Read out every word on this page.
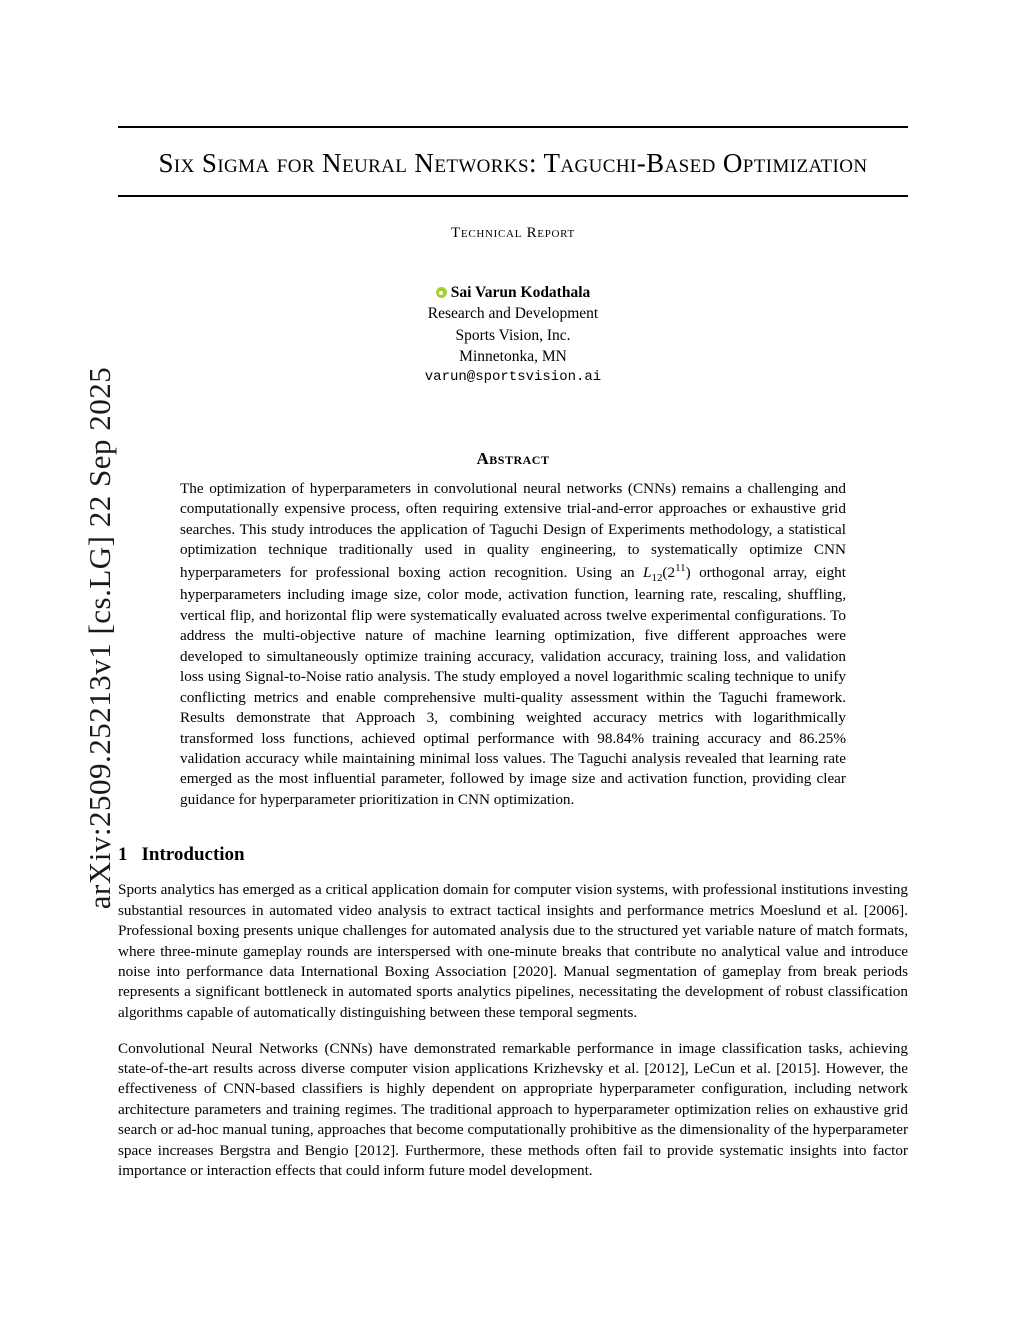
arXiv:2509.25213v1 [cs.LG] 22 Sep 2025
Six Sigma for Neural Networks: Taguchi-Based Optimization
Technical Report
Sai Varun Kodathala
Research and Development
Sports Vision, Inc.
Minnetonka, MN
varun@sportsvision.ai
Abstract
The optimization of hyperparameters in convolutional neural networks (CNNs) remains a challenging and computationally expensive process, often requiring extensive trial-and-error approaches or exhaustive grid searches. This study introduces the application of Taguchi Design of Experiments methodology, a statistical optimization technique traditionally used in quality engineering, to systematically optimize CNN hyperparameters for professional boxing action recognition. Using an $L_{12}(2^{11})$ orthogonal array, eight hyperparameters including image size, color mode, activation function, learning rate, rescaling, shuffling, vertical flip, and horizontal flip were systematically evaluated across twelve experimental configurations. To address the multi-objective nature of machine learning optimization, five different approaches were developed to simultaneously optimize training accuracy, validation accuracy, training loss, and validation loss using Signal-to-Noise ratio analysis. The study employed a novel logarithmic scaling technique to unify conflicting metrics and enable comprehensive multi-quality assessment within the Taguchi framework. Results demonstrate that Approach 3, combining weighted accuracy metrics with logarithmically transformed loss functions, achieved optimal performance with 98.84% training accuracy and 86.25% validation accuracy while maintaining minimal loss values. The Taguchi analysis revealed that learning rate emerged as the most influential parameter, followed by image size and activation function, providing clear guidance for hyperparameter prioritization in CNN optimization.
1 Introduction

Sports analytics has emerged as a critical application domain for computer vision systems, with professional institutions investing substantial resources in automated video analysis to extract tactical insights and performance metrics Moeslund et al. [2006]. Professional boxing presents unique challenges for automated analysis due to the structured yet variable nature of match formats, where three-minute gameplay rounds are interspersed with one-minute breaks that contribute no analytical value and introduce noise into performance data International Boxing Association [2020]. Manual segmentation of gameplay from break periods represents a significant bottleneck in automated sports analytics pipelines, necessitating the development of robust classification algorithms capable of automatically distinguishing between these temporal segments.

Convolutional Neural Networks (CNNs) have demonstrated remarkable performance in image classification tasks, achieving state-of-the-art results across diverse computer vision applications Krizhevsky et al. [2012], LeCun et al. [2015]. However, the effectiveness of CNN-based classifiers is highly dependent on appropriate hyperparameter configuration, including network architecture parameters and training regimes. The traditional approach to hyperparameter optimization relies on exhaustive grid search or ad-hoc manual tuning, approaches that become computationally prohibitive as the dimensionality of the hyperparameter space increases Bergstra and Bengio [2012]. Furthermore, these methods often fail to provide systematic insights into factor importance or interaction effects that could inform future model development.
